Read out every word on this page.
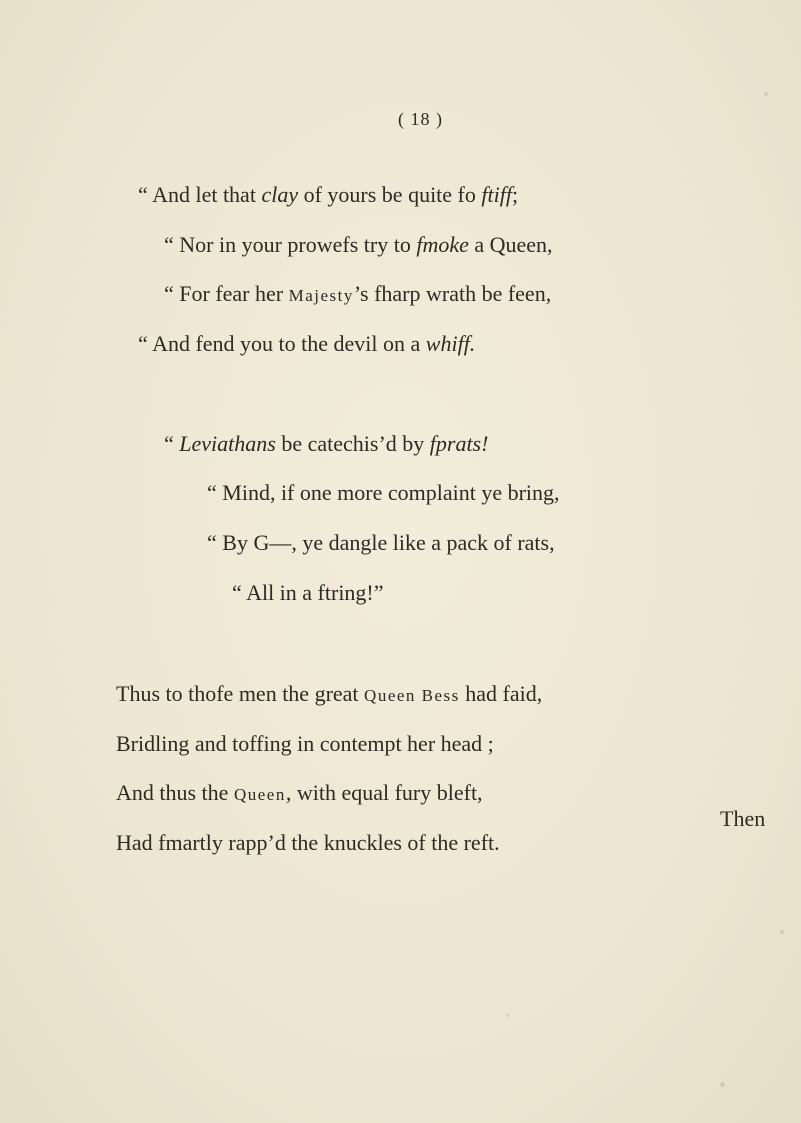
( 18 )
“ And let that clay of yours be quite fo ftiff;
“ Nor in your prowefs try to fmoke a Queen,
“ For fear her Majesty’s fharp wrath be feen,
“ And fend you to the devil on a whiff.
“ Leviathans be catechis’d by fprats!
“ Mind, if one more complaint ye bring,
“ By G—, ye dangle like a pack of rats,
“ All in a ftring!”
Thus to thofe men the great Queen Bess had faid,
Bridling and toffing in contempt her head ;
And thus the Queen, with equal fury bleft,
Had fmartly rapp’d the knuckles of the reft.
Then
